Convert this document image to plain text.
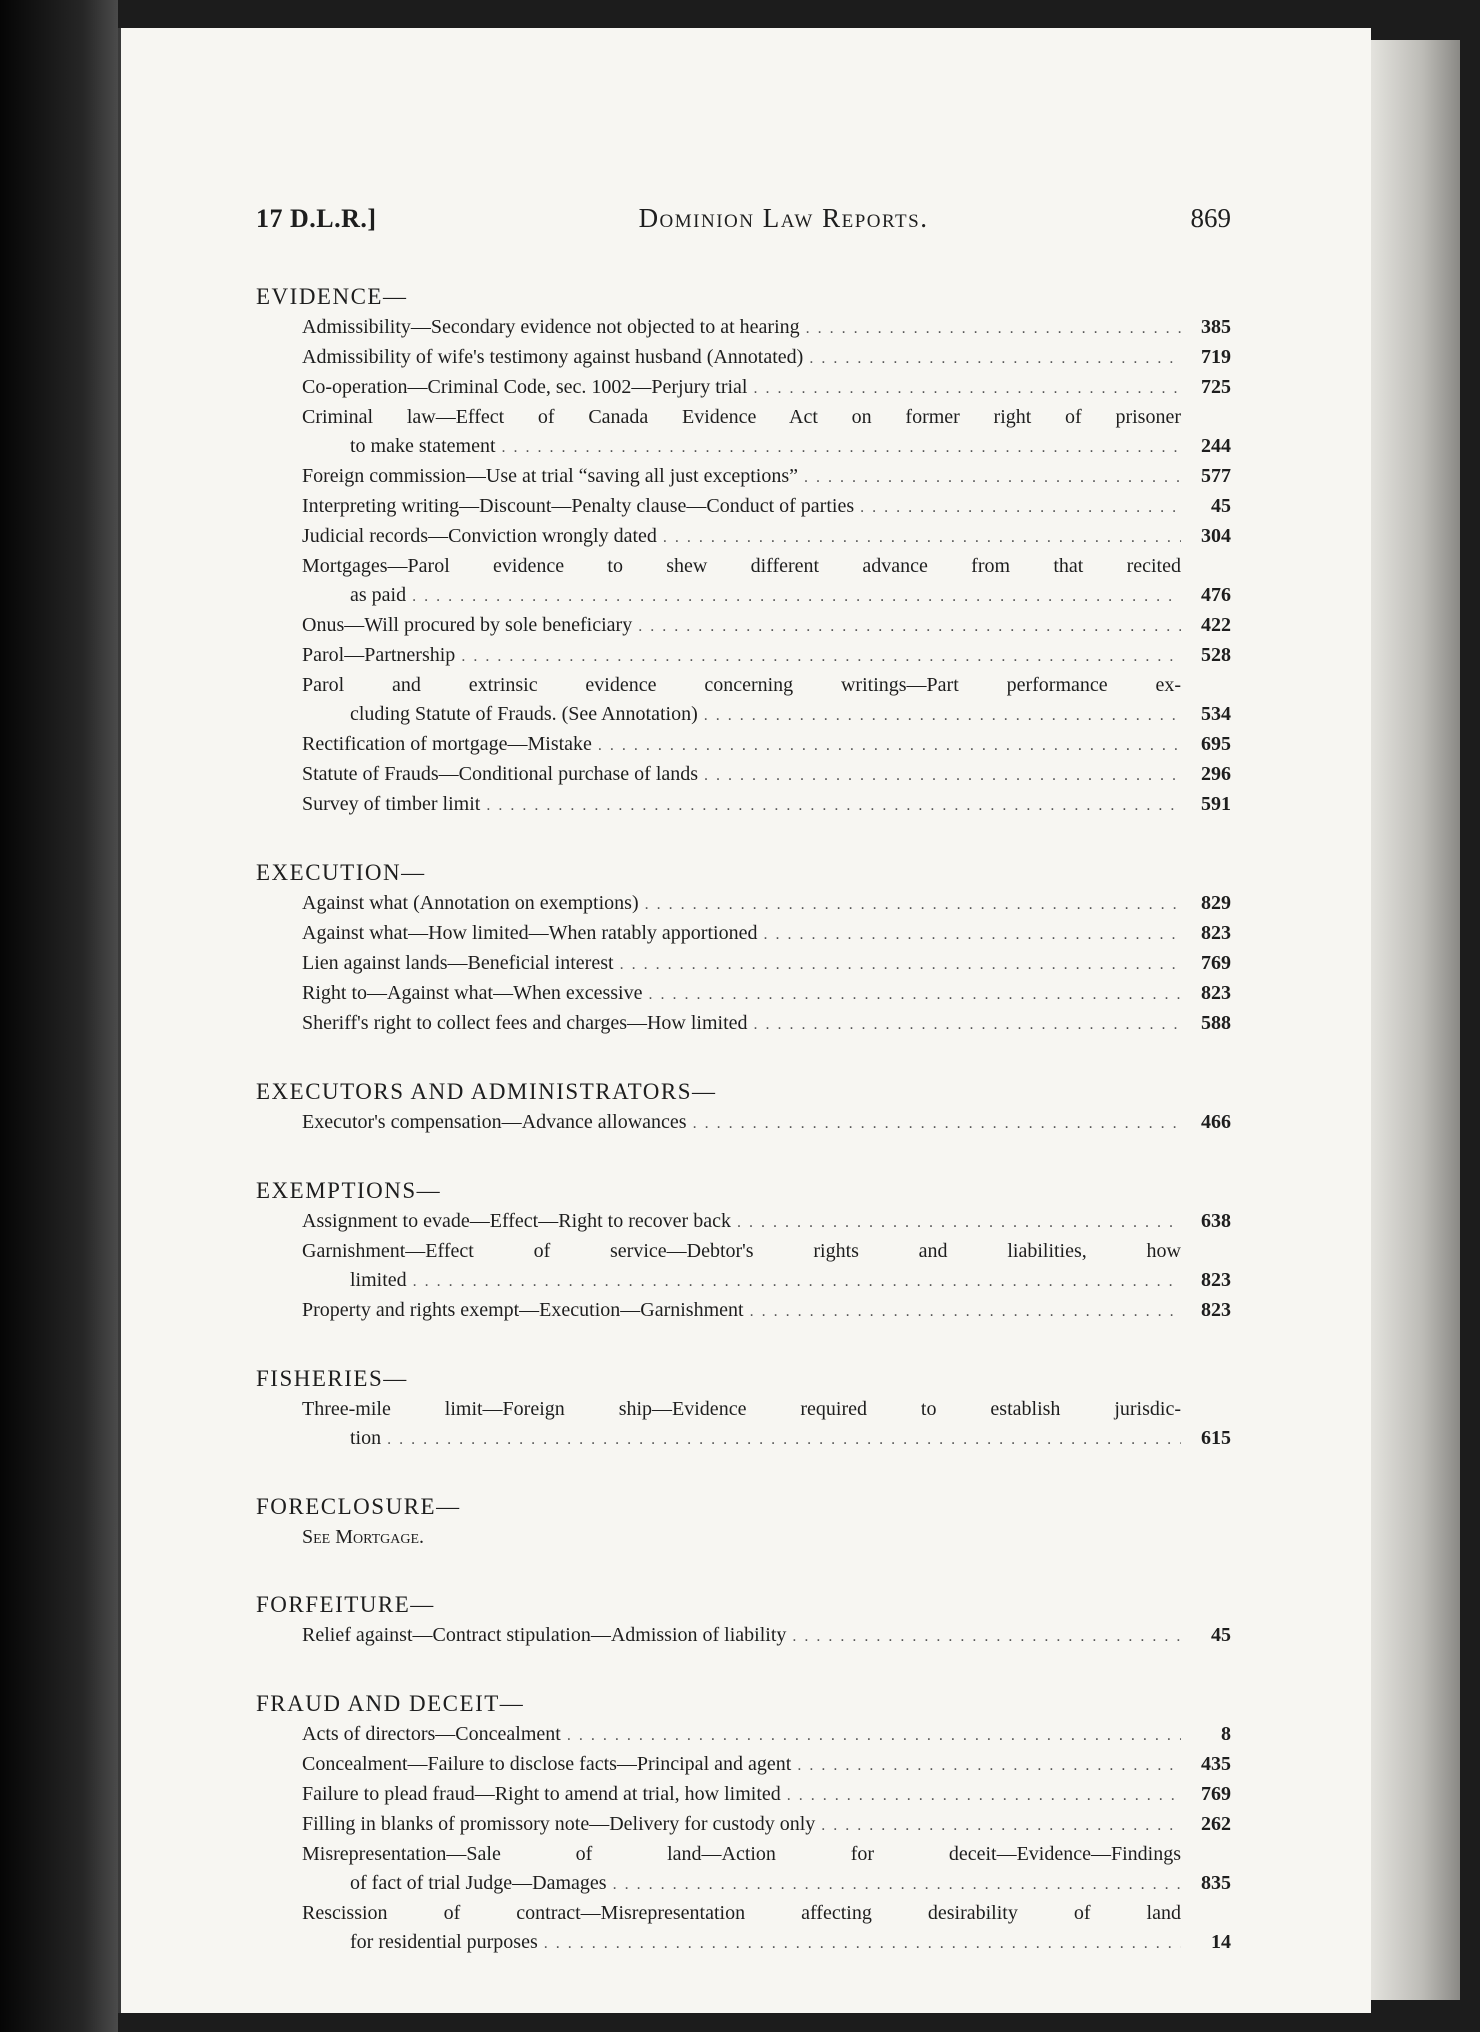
17 D.L.R.]	Dominion Law Reports.	869
EVIDENCE—
Admissibility—Secondary evidence not objected to at hearing . . .	385
Admissibility of wife's testimony against husband (Annotated) . . .	719
Co-operation—Criminal Code, sec. 1002—Perjury trial . . .	725
Criminal law—Effect of Canada Evidence Act on former right of prisoner
to make statement . . .	244
Foreign commission—Use at trial “saving all just exceptions” . . .	577
Interpreting writing—Discount—Penalty clause—Conduct of parties . . .	45
Judicial records—Conviction wrongly dated . . .	304
Mortgages—Parol evidence to shew different advance from that recited
as paid . . .	476
Onus—Will procured by sole beneficiary . . .	422
Parol—Partnership . . .	528
Parol and extrinsic evidence concerning writings—Part performance ex-
cluding Statute of Frauds. (See Annotation) . . .	534
Rectification of mortgage—Mistake . . .	695
Statute of Frauds—Conditional purchase of lands . . .	296
Survey of timber limit . . .	591
EXECUTION—
Against what (Annotation on exemptions) . . .	829
Against what—How limited—When ratably apportioned . . .	823
Lien against lands—Beneficial interest . . .	769
Right to—Against what—When excessive . . .	823
Sheriff's right to collect fees and charges—How limited . . .	588
EXECUTORS AND ADMINISTRATORS—
Executor's compensation—Advance allowances . . .	466
EXEMPTIONS—
Assignment to evade—Effect—Right to recover back . . .	638
Garnishment—Effect of service—Debtor's rights and liabilities, how
limited . . .	823
Property and rights exempt—Execution—Garnishment . . .	823
FISHERIES—
Three-mile limit—Foreign ship—Evidence required to establish jurisdic-
tion . . .	615
FORECLOSURE—
See Mortgage.
FORFEITURE—
Relief against—Contract stipulation—Admission of liability . . .	45
FRAUD AND DECEIT—
Acts of directors—Concealment . . .	8
Concealment—Failure to disclose facts—Principal and agent . . .	435
Failure to plead fraud—Right to amend at trial, how limited . . .	769
Filling in blanks of promissory note—Delivery for custody only . . .	262
Misrepresentation—Sale of land—Action for deceit—Evidence—Findings
of fact of trial Judge—Damages . . .	835
Rescission of contract—Misrepresentation affecting desirability of land
for residential purposes . . .	14
